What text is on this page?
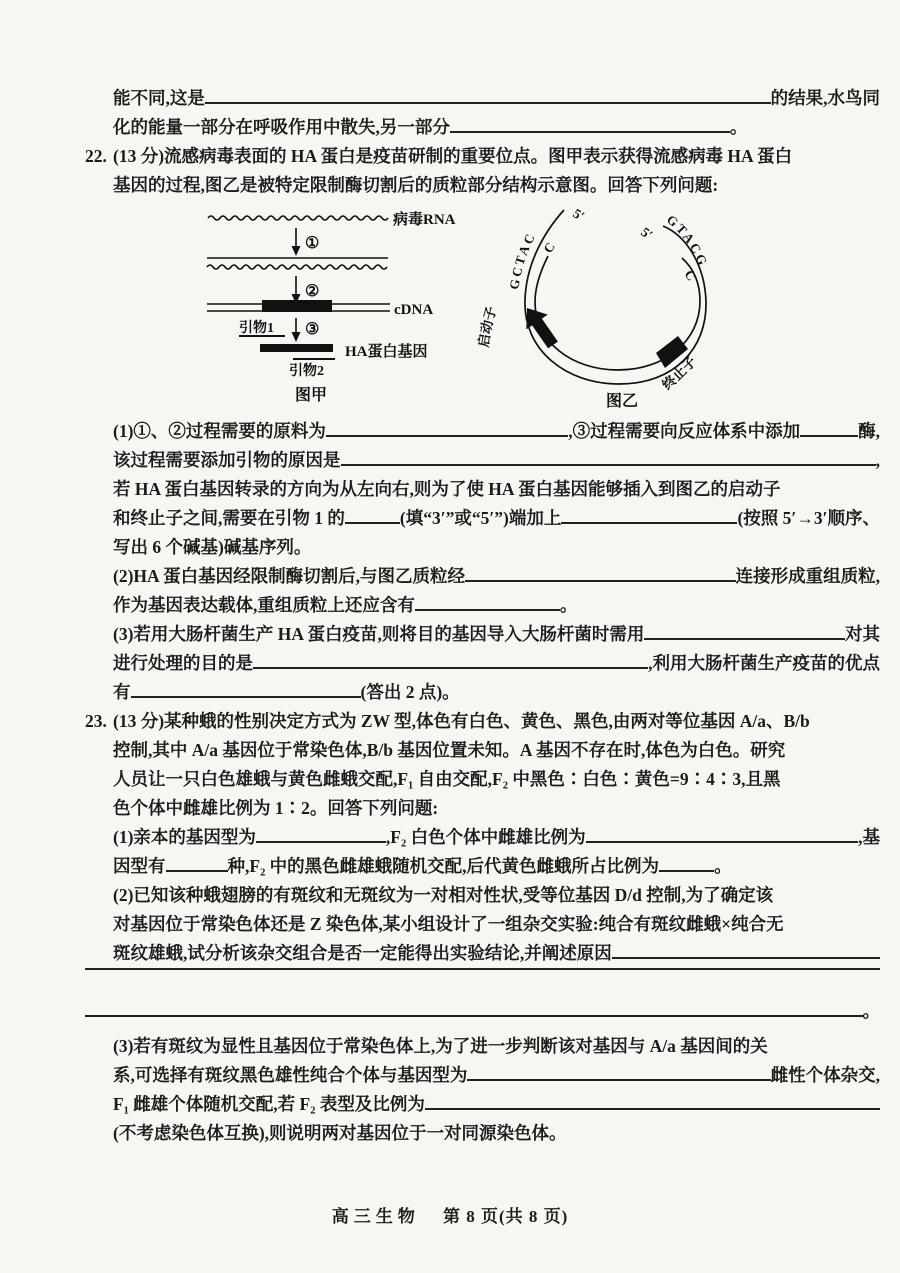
能不同,这是	的结果,水鸟同
化的能量一部分在呼吸作用中散失,另一部分	。
22. (13 分)流感病毒表面的 HA 蛋白是疫苗研制的重要位点。图甲表示获得流感病毒 HA 蛋白
基因的过程,图乙是被特定限制酶切割后的质粒部分结构示意图。回答下列问题:
病毒RNA
①
②
cDNA
③
引物1
HA蛋白基因
引物2
图甲
GCTAC
5′
C
5′
GTACG
C
启动子
终止子
图乙
(1)①、②过程需要的原料为	,③过程需要向反应体系中添加	酶,
该过程需要添加引物的原因是	,
若 HA 蛋白基因转录的方向为从左向右,则为了使 HA 蛋白基因能够插入到图乙的启动子
和终止子之间,需要在引物 1 的	(填“3′”或“5′”)端加上	(按照 5′→3′顺序、
写出 6 个碱基)碱基序列。
(2)HA 蛋白基因经限制酶切割后,与图乙质粒经	连接形成重组质粒,
作为基因表达载体,重组质粒上还应含有	。
(3)若用大肠杆菌生产 HA 蛋白疫苗,则将目的基因导入大肠杆菌时需用	对其
进行处理的目的是	,利用大肠杆菌生产疫苗的优点
有	(答出 2 点)。
23. (13 分)某种蛾的性别决定方式为 ZW 型,体色有白色、黄色、黑色,由两对等位基因 A/a、B/b
控制,其中 A/a 基因位于常染色体,B/b 基因位置未知。A 基因不存在时,体色为白色。研究
人员让一只白色雄蛾与黄色雌蛾交配,F₁ 自由交配,F₂ 中黑色∶白色∶黄色=9∶4∶3,且黑
色个体中雌雄比例为 1∶2。回答下列问题:
(1)亲本的基因型为	,F₂ 白色个体中雌雄比例为	,基
因型有	种,F₂ 中的黑色雌雄蛾随机交配,后代黄色雌蛾所占比例为	。
(2)已知该种蛾翅膀的有斑纹和无斑纹为一对相对性状,受等位基因 D/d 控制,为了确定该
对基因位于常染色体还是 Z 染色体,某小组设计了一组杂交实验:纯合有斑纹雌蛾×纯合无
斑纹雄蛾,试分析该杂交组合是否一定能得出实验结论,并阐述原因
。
(3)若有斑纹为显性且基因位于常染色体上,为了进一步判断该对基因与 A/a 基因间的关
系,可选择有斑纹黑色雄性纯合个体与基因型为	雌性个体杂交,
F₁ 雌雄个体随机交配,若 F₂ 表型及比例为
(不考虑染色体互换),则说明两对基因位于一对同源染色体。
高三生物 第 8 页(共 8 页)
